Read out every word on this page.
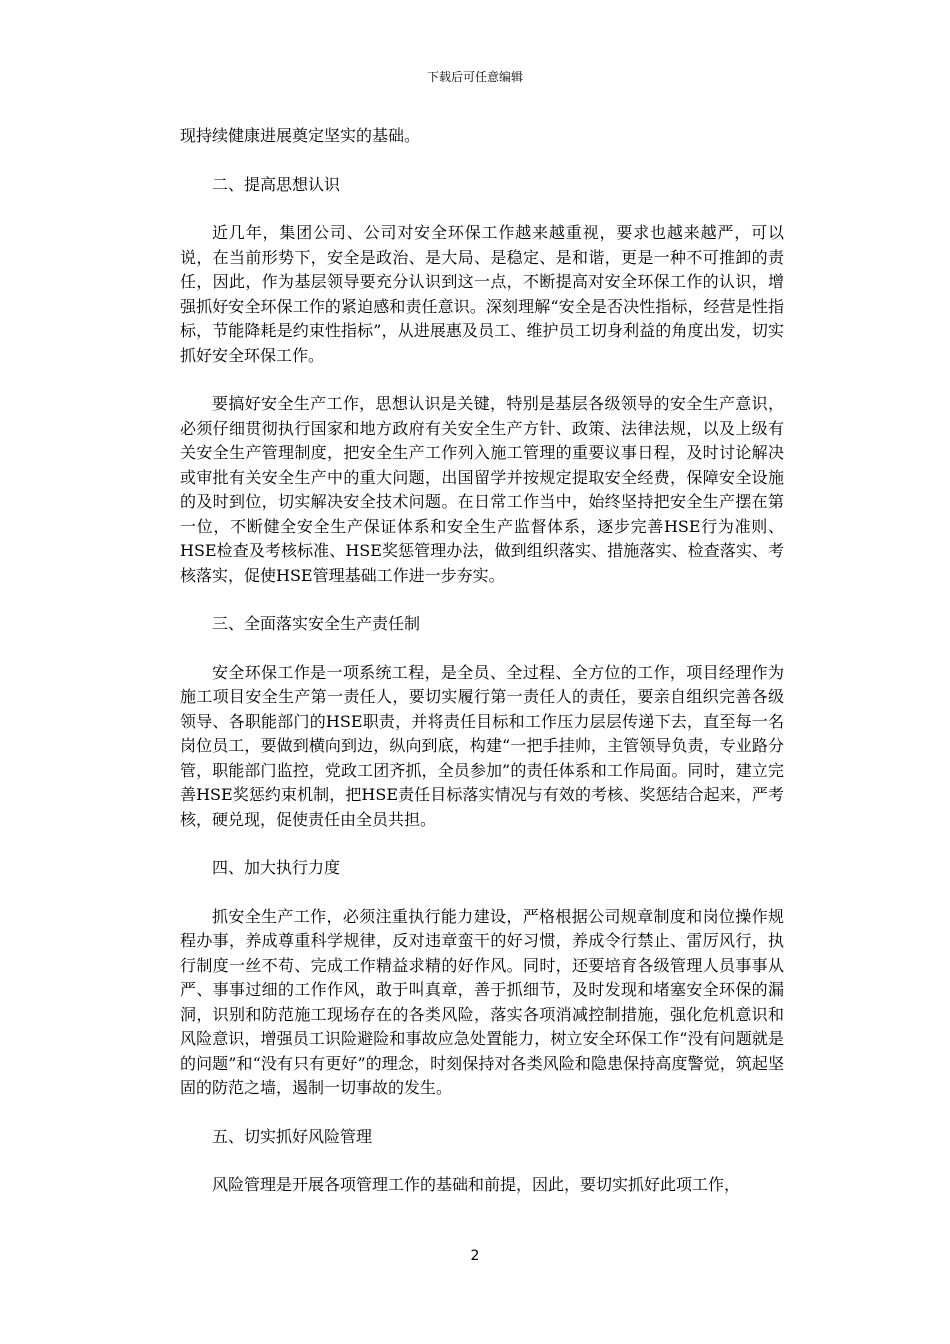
下载后可任意编辑

现持续健康进展奠定坚实的基础。

二、提高思想认识

近几年，集团公司、公司对安全环保工作越来越重视，要求也越来越严，可以说，在当前形势下，安全是政治、是大局、是稳定、是和谐，更是一种不可推卸的责任，因此，作为基层领导要充分认识到这一点，不断提高对安全环保工作的认识，增强抓好安全环保工作的紧迫感和责任意识。深刻理解“安全是否决性指标，经营是性指标，节能降耗是约束性指标”，从进展惠及员工、维护员工切身利益的角度出发，切实抓好安全环保工作。

要搞好安全生产工作，思想认识是关键，特别是基层各级领导的安全生产意识，必须仔细贯彻执行国家和地方政府有关安全生产方针、政策、法律法规，以及上级有关安全生产管理制度，把安全生产工作列入施工管理的重要议事日程，及时讨论解决或审批有关安全生产中的重大问题，出国留学并按规定提取安全经费，保障安全设施的及时到位，切实解决安全技术问题。在日常工作当中，始终坚持把安全生产摆在第一位，不断健全安全生产保证体系和安全生产监督体系，逐步完善HSE行为准则、HSE检查及考核标准、HSE奖惩管理办法，做到组织落实、措施落实、检查落实、考核落实，促使HSE管理基础工作进一步夯实。

三、全面落实安全生产责任制

安全环保工作是一项系统工程，是全员、全过程、全方位的工作，项目经理作为施工项目安全生产第一责任人，要切实履行第一责任人的责任，要亲自组织完善各级领导、各职能部门的HSE职责，并将责任目标和工作压力层层传递下去，直至每一名岗位员工，要做到横向到边，纵向到底，构建“一把手挂帅，主管领导负责，专业路分管，职能部门监控，党政工团齐抓，全员参加”的责任体系和工作局面。同时，建立完善HSE奖惩约束机制，把HSE责任目标落实情况与有效的考核、奖惩结合起来，严考核，硬兑现，促使责任由全员共担。

四、加大执行力度

抓安全生产工作，必须注重执行能力建设，严格根据公司规章制度和岗位操作规程办事，养成尊重科学规律，反对违章蛮干的好习惯，养成令行禁止、雷厉风行，执行制度一丝不苟、完成工作精益求精的好作风。同时，还要培育各级管理人员事事从严、事事过细的工作作风，敢于叫真章，善于抓细节，及时发现和堵塞安全环保的漏洞，识别和防范施工现场存在的各类风险，落实各项消减控制措施，强化危机意识和风险意识，增强员工识险避险和事故应急处置能力，树立安全环保工作“没有问题就是的问题”和“没有只有更好”的理念，时刻保持对各类风险和隐患保持高度警觉，筑起坚固的防范之墙，遏制一切事故的发生。

五、切实抓好风险管理

风险管理是开展各项管理工作的基础和前提，因此，要切实抓好此项工作，

2
